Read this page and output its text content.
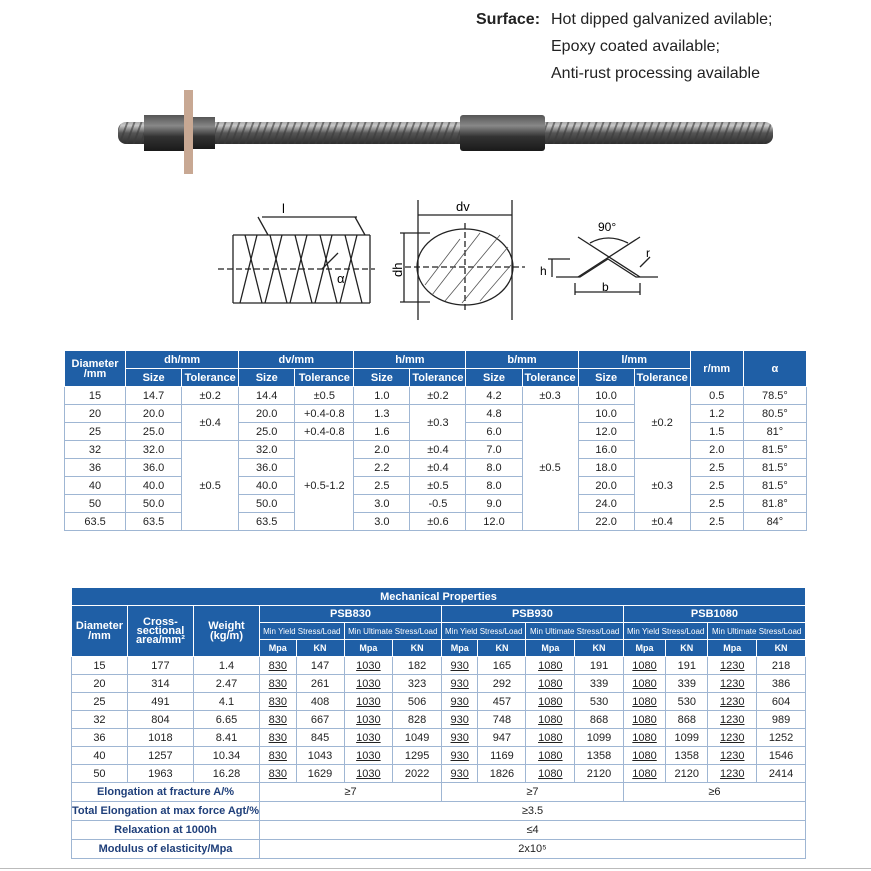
Surface: Hot dipped galvanized avilable;
Epoxy coated available;
Anti-rust processing available
l
α
dv
dh
90°
r
h
b
Diameter
/mm	dh/mm		dv/mm		h/mm		b/mm		l/mm		r/mm	α
	Size	Tolerance	Size	Tolerance	Size	Tolerance	Size	Tolerance	Size	Tolerance		
15	14.7	±0.2	14.4	±0.5	1.0	±0.2	4.2	±0.3	10.0	±0.2	0.5	78.5°
20	20.0	±0.4	20.0	+0.4-0.8	1.3	±0.3	4.8	±0.5	10.0		1.2	80.5°
25	25.0		25.0	+0.4-0.8	1.6		6.0		12.0		1.5	81°
32	32.0	±0.5	32.0	+0.5-1.2	2.0	±0.4	7.0		16.0		2.0	81.5°
36	36.0		36.0		2.2	±0.4	8.0		18.0	±0.3	2.5	81.5°
40	40.0		40.0		2.5	±0.5	8.0		20.0		2.5	81.5°
50	50.0		50.0		3.0	-0.5	9.0		24.0		2.5	81.8°
63.5	63.5		63.5		3.0	±0.6	12.0		22.0	±0.4	2.5	84°
Mechanical Properties														
Diameter
/mm	Cross-
sectional
area/mm²	Weight
(kg/m)	PSB830				PSB930				PSB1080			
			Min Yield Stress/Load		Min Ultimate Stress/Load		Min Yield Stress/Load		Min Ultimate Stress/Load		Min Yield Stress/Load		Min Ultimate Stress/Load	
			Mpa	KN	Mpa	KN	Mpa	KN	Mpa	KN	Mpa	KN	Mpa	KN
15	177	1.4	830	147	1030	182	930	165	1080	191	1080	191	1230	218
20	314	2.47	830	261	1030	323	930	292	1080	339	1080	339	1230	386
25	491	4.1	830	408	1030	506	930	457	1080	530	1080	530	1230	604
32	804	6.65	830	667	1030	828	930	748	1080	868	1080	868	1230	989
36	1018	8.41	830	845	1030	1049	930	947	1080	1099	1080	1099	1230	1252
40	1257	10.34	830	1043	1030	1295	930	1169	1080	1358	1080	1358	1230	1546
50	1963	16.28	830	1629	1030	2022	930	1826	1080	2120	1080	2120	1230	2414
Elongation at fracture A/%			≥7				≥7				≥6			
Total Elongation at max force Agt/%			≥3.5											
Relaxation at 1000h			≤4											
Modulus of elasticity/Mpa			2x10⁵											
